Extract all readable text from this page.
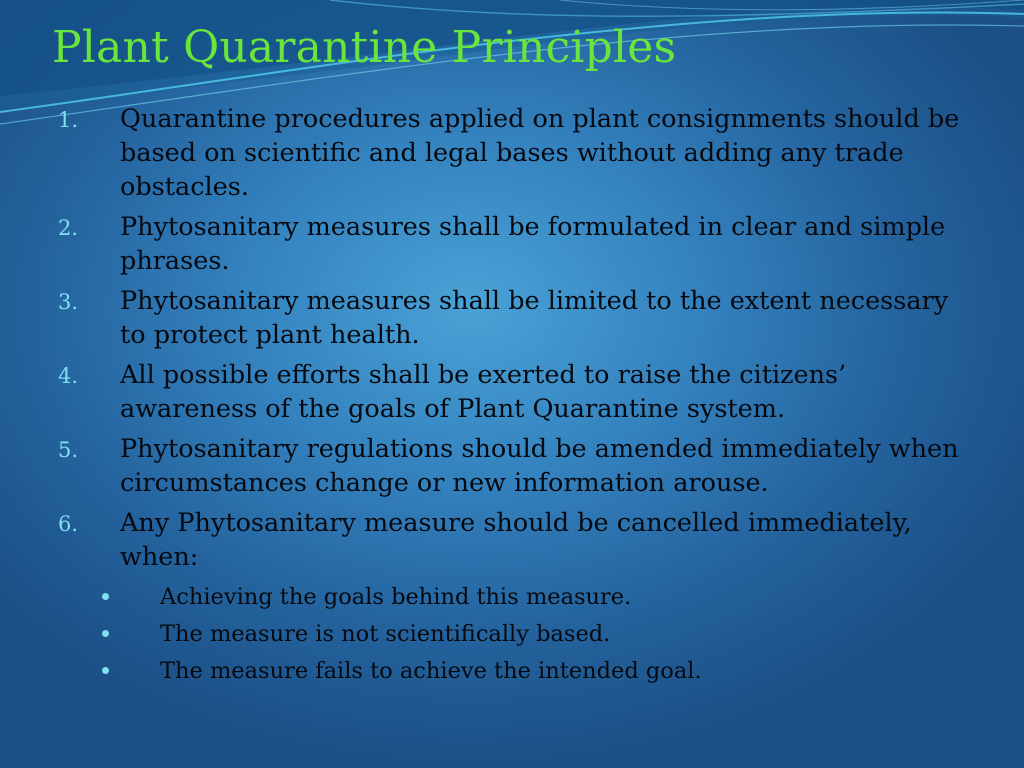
Plant Quarantine Principles
1. Quarantine procedures applied on plant consignments should be based on scientific and legal bases without adding any trade obstacles.
2. Phytosanitary measures shall be formulated in clear and simple phrases.
3. Phytosanitary measures shall be limited to the extent necessary to protect plant health.
4. All possible efforts shall be exerted to raise the citizens’ awareness of the goals of Plant Quarantine system.
5. Phytosanitary regulations should be amended immediately when circumstances change or new information arouse.
6. Any Phytosanitary measure should be cancelled immediately, when:
Achieving the goals behind this measure.
The measure is not scientifically based.
The measure fails to achieve the intended goal.
